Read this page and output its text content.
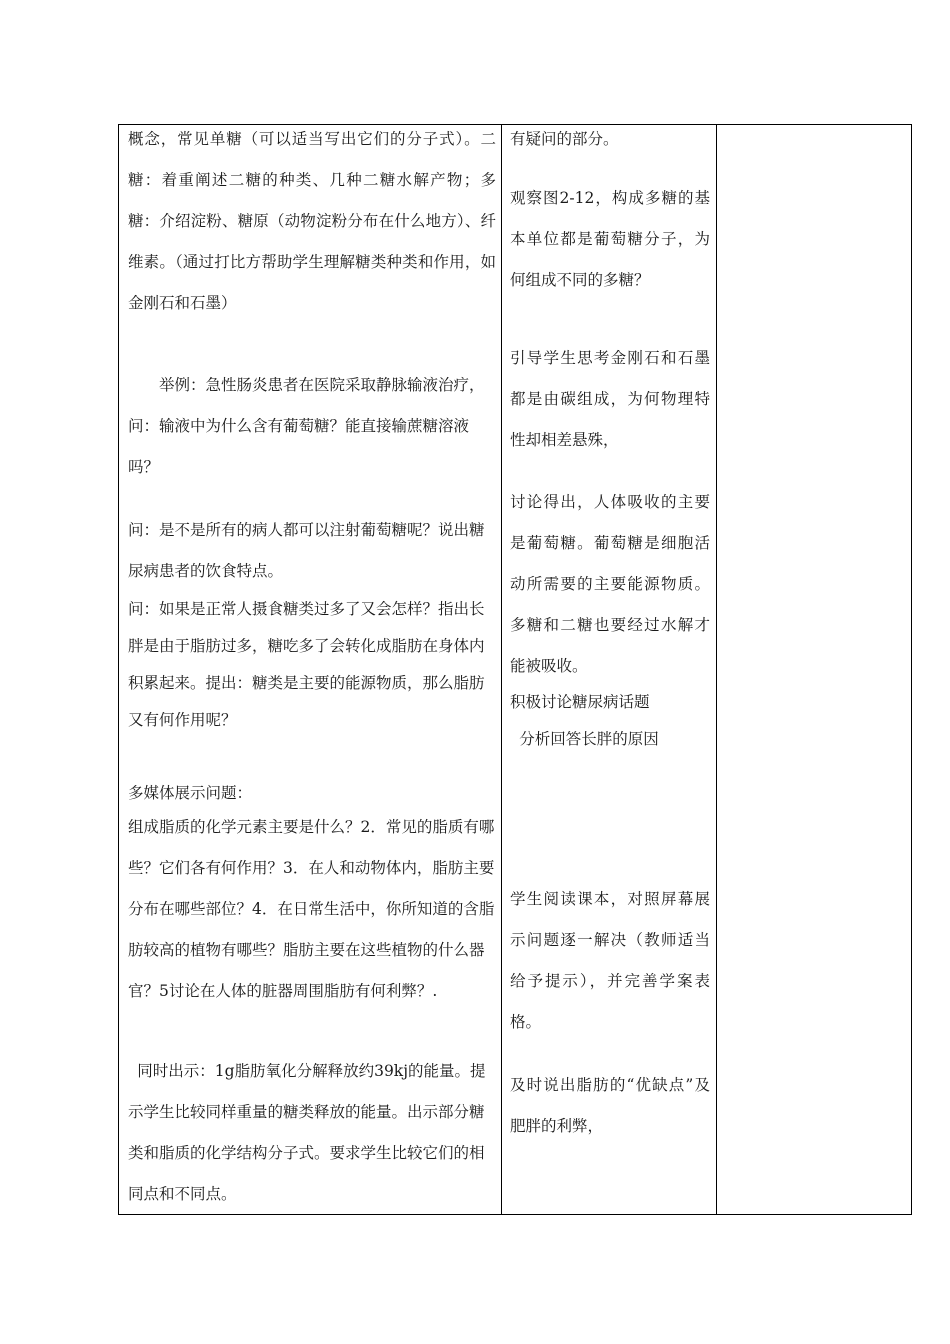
概念，常见单糖（可以适当写出它们的分子式）。二糖：着重阐述二糖的种类、几种二糖水解产物；多糖：介绍淀粉、糖原（动物淀粉分布在什么地方）、纤维素。（通过打比方帮助学生理解糖类种类和作用，如金刚石和石墨）

举例：急性肠炎患者在医院采取静脉输液治疗，问：输液中为什么含有葡萄糖？能直接输蔗糖溶液吗？

问：是不是所有的病人都可以注射葡萄糖呢？说出糖尿病患者的饮食特点。

问：如果是正常人摄食糖类过多了又会怎样？指出长胖是由于脂肪过多，糖吃多了会转化成脂肪在身体内积累起来。提出：糖类是主要的能源物质，那么脂肪又有何作用呢？

多媒体展示问题：

组成脂质的化学元素主要是什么？2．常见的脂质有哪些？它们各有何作用？3．在人和动物体内，脂肪主要分布在哪些部位？4．在日常生活中，你所知道的含脂肪较高的植物有哪些？脂肪主要在这些植物的什么器官？5讨论在人体的脏器周围脂肪有何利弊？.

同时出示：1g脂肪氧化分解释放约39kj的能量。提示学生比较同样重量的糖类释放的能量。出示部分糖类和脂质的化学结构分子式。要求学生比较它们的相同点和不同点。

有疑问的部分。

观察图2-12，构成多糖的基本单位都是葡萄糖分子，为何组成不同的多糖？

引导学生思考金刚石和石墨都是由碳组成，为何物理特性却相差悬殊，

讨论得出，人体吸收的主要是葡萄糖。葡萄糖是细胞活动所需要的主要能源物质。多糖和二糖也要经过水解才能被吸收。

积极讨论糖尿病话题

分析回答长胖的原因

学生阅读课本，对照屏幕展示问题逐一解决（教师适当给予提示），并完善学案表格。

及时说出脂肪的“优缺点”及肥胖的利弊，
